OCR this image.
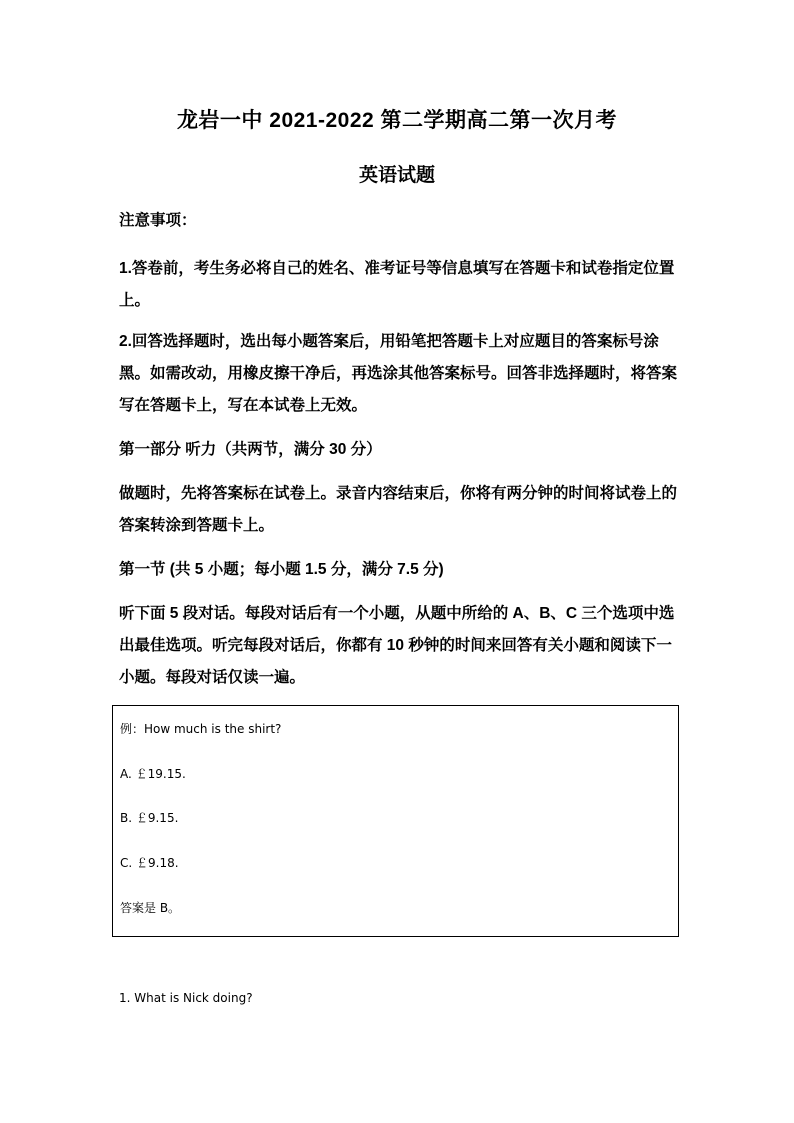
龙岩一中 2021-2022 第二学期高二第一次月考
英语试题

注意事项：

1.答卷前，考生务必将自己的姓名、准考证号等信息填写在答题卡和试卷指定位置上。

2.回答选择题时，选出每小题答案后，用铅笔把答题卡上对应题目的答案标号涂黑。如需改动，用橡皮擦干净后，再选涂其他答案标号。回答非选择题时，将答案写在答题卡上，写在本试卷上无效。

第一部分 听力（共两节，满分 30 分）

做题时，先将答案标在试卷上。录音内容结束后，你将有两分钟的时间将试卷上的答案转涂到答题卡上。

第一节 (共 5 小题；每小题 1.5 分，满分 7.5 分)

听下面 5 段对话。每段对话后有一个小题，从题中所给的 A、B、C 三个选项中选出最佳选项。听完每段对话后，你都有 10 秒钟的时间来回答有关小题和阅读下一小题。每段对话仅读一遍。

例：How much is the shirt?
A. ￡19.15.
B. ￡9.15.
C. ￡9.18.
答案是 B。
1. What is Nick doing?
